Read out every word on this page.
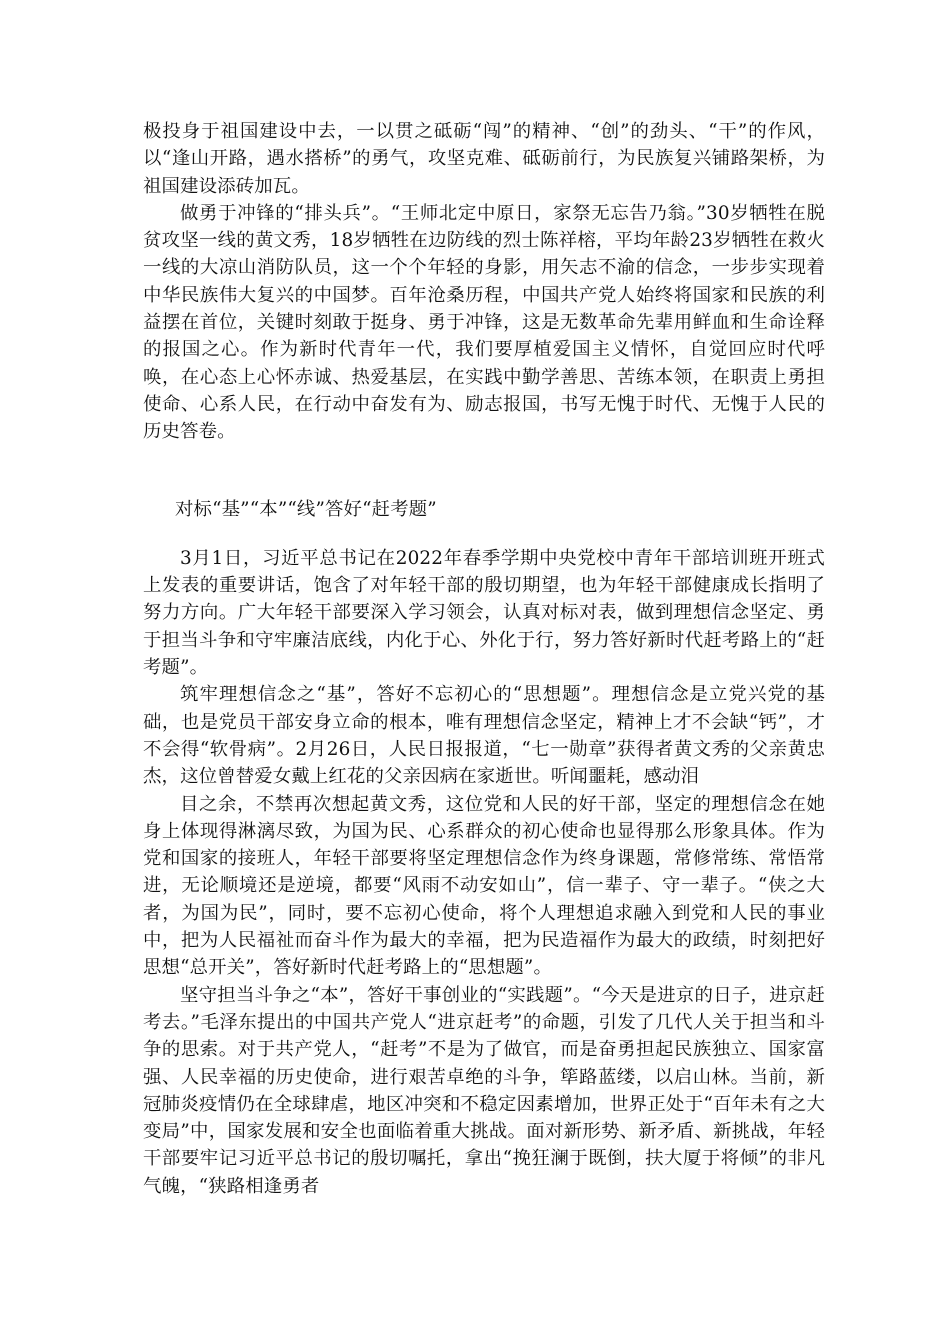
极投身于祖国建设中去，一以贯之砥砺“闯”的精神、“创”的劲头、“干”的作风，以“逢山开路，遇水搭桥”的勇气，攻坚克难、砥砺前行，为民族复兴铺路架桥，为祖国建设添砖加瓦。

做勇于冲锋的“排头兵”。“王师北定中原日，家祭无忘告乃翁。”30岁牺牲在脱贫攻坚一线的黄文秀，18岁牺牲在边防线的烈士陈祥榕，平均年龄23岁牺牲在救火一线的大凉山消防队员，这一个个年轻的身影，用矢志不渝的信念，一步步实现着中华民族伟大复兴的中国梦。百年沧桑历程，中国共产党人始终将国家和民族的利益摆在首位，关键时刻敢于挺身、勇于冲锋，这是无数革命先辈用鲜血和生命诠释的报国之心。作为新时代青年一代，我们要厚植爱国主义情怀，自觉回应时代呼唤，在心态上心怀赤诚、热爱基层，在实践中勤学善思、苦练本领，在职责上勇担使命、心系人民，在行动中奋发有为、励志报国，书写无愧于时代、无愧于人民的历史答卷。

对标“基”“本”“线”答好“赶考题”

3月1日，习近平总书记在2022年春季学期中央党校中青年干部培训班开班式上发表的重要讲话，饱含了对年轻干部的殷切期望，也为年轻干部健康成长指明了努力方向。广大年轻干部要深入学习领会，认真对标对表，做到理想信念坚定、勇于担当斗争和守牢廉洁底线，内化于心、外化于行，努力答好新时代赶考路上的“赶考题”。

筑牢理想信念之“基”，答好不忘初心的“思想题”。理想信念是立党兴党的基础，也是党员干部安身立命的根本，唯有理想信念坚定，精神上才不会缺“钙”，才不会得“软骨病”。2月26日，人民日报报道，“七一勋章”获得者黄文秀的父亲黄忠杰，这位曾替爱女戴上红花的父亲因病在家逝世。听闻噩耗，感动泪

目之余，不禁再次想起黄文秀，这位党和人民的好干部，坚定的理想信念在她身上体现得淋漓尽致，为国为民、心系群众的初心使命也显得那么形象具体。作为党和国家的接班人，年轻干部要将坚定理想信念作为终身课题，常修常练、常悟常进，无论顺境还是逆境，都要“风雨不动安如山”，信一辈子、守一辈子。“侠之大者，为国为民”，同时，要不忘初心使命，将个人理想追求融入到党和人民的事业中，把为人民福祉而奋斗作为最大的幸福，把为民造福作为最大的政绩，时刻把好思想“总开关”，答好新时代赶考路上的“思想题”。

坚守担当斗争之“本”，答好干事创业的“实践题”。“今天是进京的日子，进京赶考去。”毛泽东提出的中国共产党人“进京赶考”的命题，引发了几代人关于担当和斗争的思索。对于共产党人，“赶考”不是为了做官，而是奋勇担起民族独立、国家富强、人民幸福的历史使命，进行艰苦卓绝的斗争，筚路蓝缕，以启山林。当前，新冠肺炎疫情仍在全球肆虐，地区冲突和不稳定因素增加，世界正处于“百年未有之大变局”中，国家发展和安全也面临着重大挑战。面对新形势、新矛盾、新挑战，年轻干部要牢记习近平总书记的殷切嘱托，拿出“挽狂澜于既倒，扶大厦于将倾”的非凡气魄，“狭路相逢勇者
